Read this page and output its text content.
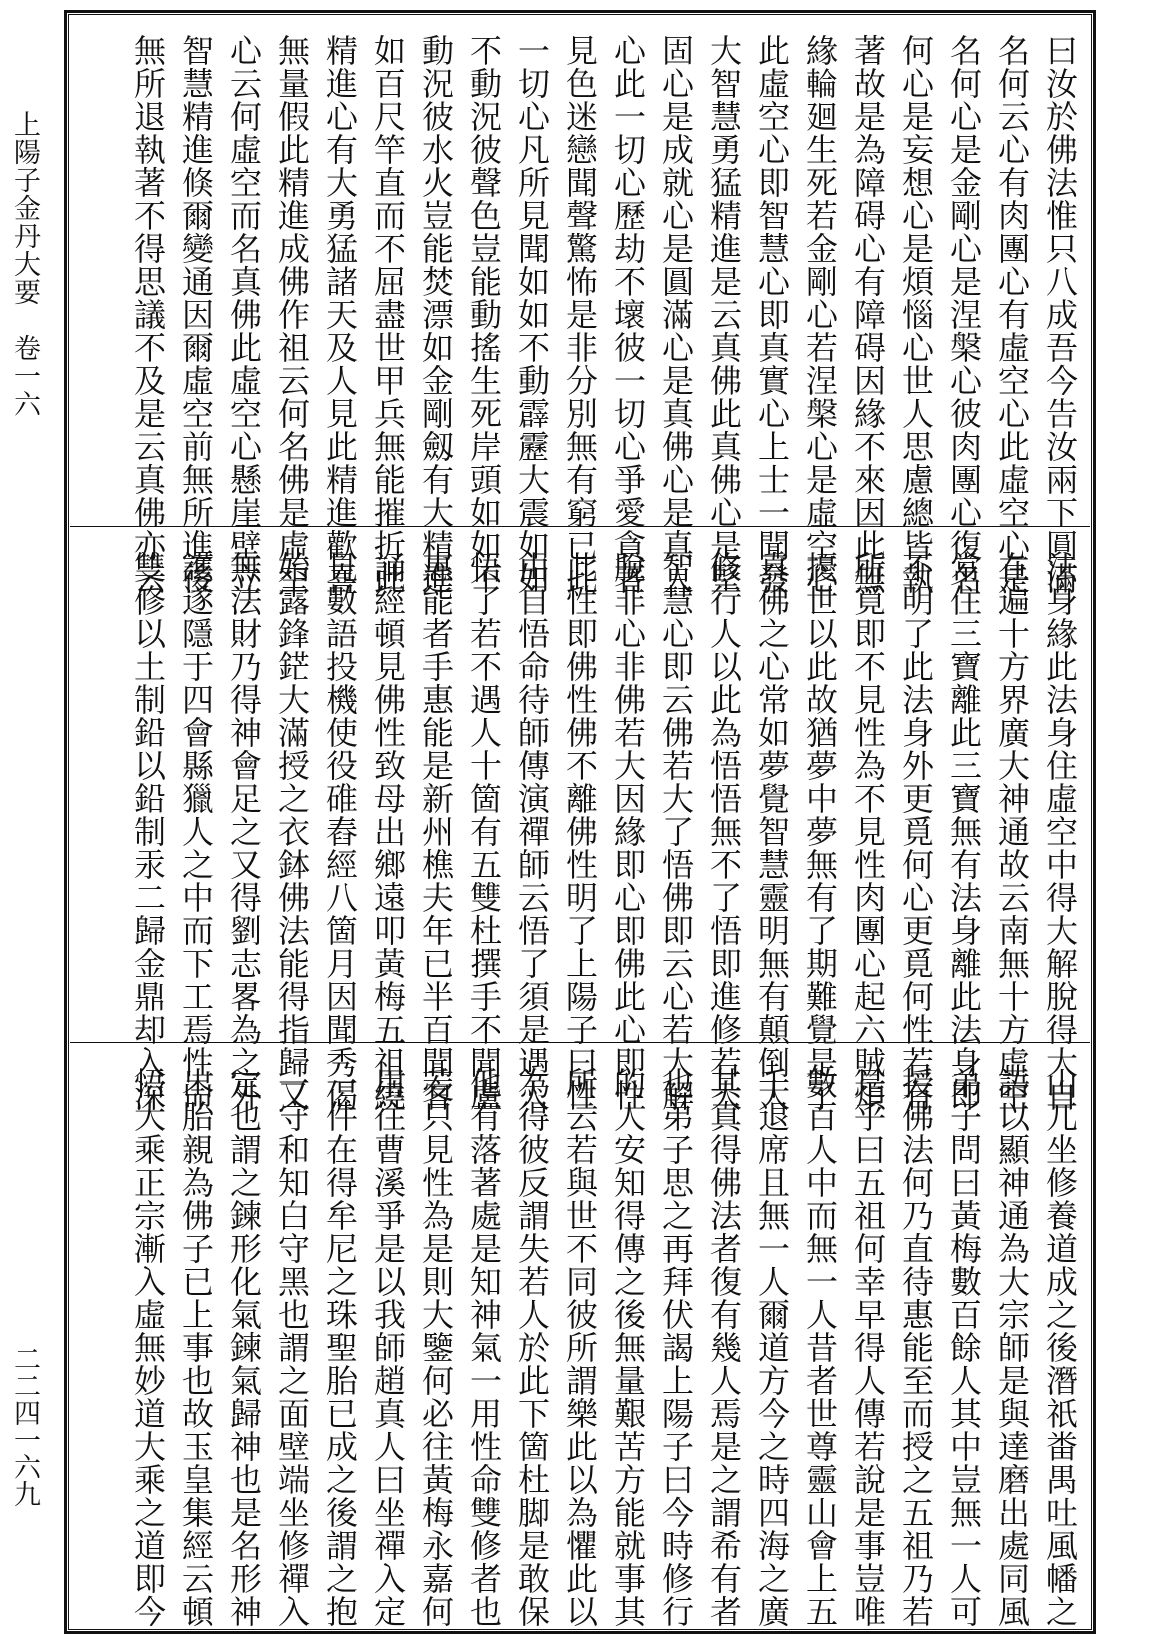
上陽子金丹大要　卷一六
二二四一六九
曰汝於佛法惟只八成吾今告汝兩下圓滿
名何云心有肉團心有虛空心此虛空心是
名何心是金剛心是涅槃心彼肉團心復名
何心是妄想心是煩惱心世人思慮總皆執
著故是為障碍心有障碍因緣不來因此無
緣輪廻生死若金剛心若涅槃心是虛空心
此虛空心即智慧心即真實心上士一聞發
大智慧勇猛精進是云真佛此真佛心是堅
固心是成就心是圓滿心是真佛心是真人
心此一切心歷劫不壞彼一切心爭愛貪著
見色迷戀聞聲驚怖是非分別無有窮已此
一切心凡所見聞如如不動霹靂大震如如
不動況彼聲色豈能動搖生死岸頭如如不
動況彼水火豈能焚漂如金剛劔有大精進
如百尺竿直而不屈盡世甲兵無能摧折此
精進心有大勇猛諸天及人見此精進歡喜
無量假此精進成佛作祖云何名佛是虛空
心云何虛空而名真佛此虛空心懸崖壁立
智慧精進倏爾變通因爾虛空前無所進後
無所退執著不得思議不及是云真佛亦云
法身緣此法身住虛空中得大解脫得大自
在遍十方界廣大神通故云南無十方虛空
常住三寶離此三寶無有法身離此法身即
不明了此法身外更覓何心更覓何性若有
所覓即不見性為不見性肉團心起六賊煩
擾世以此故猶夢中夢無有了期難覺是了
真佛之心常如夢覺智慧靈明無有顛倒大
修行人以此為悟悟無不了悟即進修若大
智慧心即云佛若大了悟佛即云心若大解
脫非心非佛若大因緣即心即佛此心即性
此性即佛性佛不離佛性明了上陽子曰性
由自悟命待師傳演禪師云悟了須是遇人
悟了若不遇人十箇有五雙杜撰手不聞盧
惠能者手惠能是新州樵夫年已半百聞客
誦經頓見佛性致母出鄉遠叩黃梅五祖繞
見數語投機使役碓舂經八箇月因聞秀偈
始露鋒鋩大滿授之衣鉢佛法能得指歸又
無法財乃得神會足之又得劉志畧為之外
護遂隱于四會縣獵人之中而下工焉性命
雙修以土制鉛以鉛制汞二歸金鼎却入深
山兀坐修養道成之後潛祇畨禺吐風幡之
語以顯神通為大宗師是與達磨出處同風
弟子問曰黃梅數百餘人其中豈無一人可
授佛法何乃直待惠能至而授之五祖乃若
是乎曰五祖何幸早得人傳若說是事豈唯
數百人中而無一人昔者世尊靈山會上五
千退席且無一人爾道方今之時四海之廣
其真得佛法者復有幾人焉是之謂希有者
也弟子思之再拜伏謁上陽子曰今時修行
的人安知得傳之後無量艱苦方能就事其
所云若與世不同彼所謂樂此以為懼此以
為得彼反謂失若人於此下箇杜脚是敢保
他有落著處是知神氣一用性命雙修者也
若只見性為是則大鑒何必往黃梅永嘉何
用往曹溪爭是以我師趙真人曰坐禪入定
一件在得牟尼之珠聖胎已成之後謂之抱
一守和知白守黑也謂之面壁端坐修禪入
定也謂之鍊形化氣鍊氣歸神也是名形神
出胎親為佛子已上事也故玉皇集經云頓
悟大乘正宗漸入虛無妙道大乘之道即今
